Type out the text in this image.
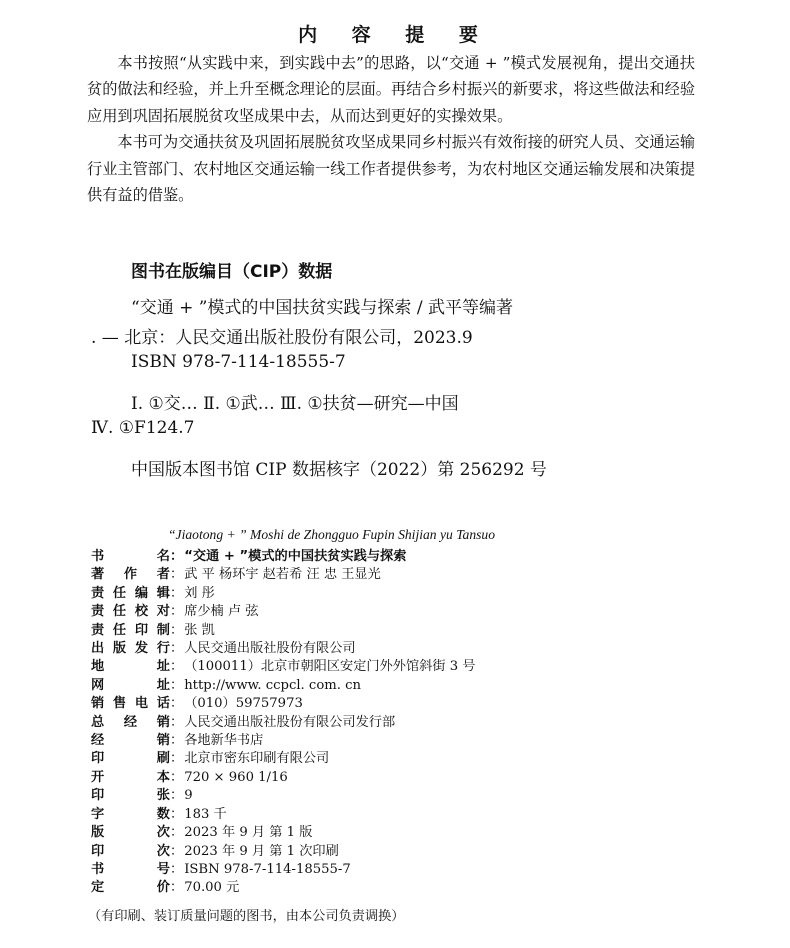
内 容 提 要

本书按照“从实践中来，到实践中去”的思路，以“交通 + ”模式发展视角，提出交通扶贫的做法和经验，并上升至概念理论的层面。再结合乡村振兴的新要求，将这些做法和经验应用到巩固拓展脱贫攻坚成果中去，从而达到更好的实操效果。

本书可为交通扶贫及巩固拓展脱贫攻坚成果同乡村振兴有效衔接的研究人员、交通运输行业主管部门、农村地区交通运输一线工作者提供参考，为农村地区交通运输发展和决策提供有益的借鉴。

图书在版编目（CIP）数据
“交通 + ”模式的中国扶贫实践与探索 / 武平等编著
. — 北京：人民交通出版社股份有限公司，2023.9
ISBN 978-7-114-18555-7
Ⅰ. ①交… Ⅱ. ①武… Ⅲ. ①扶贫—研究—中国
Ⅳ. ①F124.7
中国版本图书馆 CIP 数据核字（2022）第 256292 号
“Jiaotong + ” Moshi de Zhongguo Fupin Shijian yu Tansuo
书 名 ： “交通 + ”模式的中国扶贫实践与探索
著 作 者 ： 武 平 杨环宇 赵若希 汪 忠 王显光
责任编辑 ： 刘 彤
责任校对 ： 席少楠 卢 弦
责任印制 ： 张 凯
出版发行 ： 人民交通出版社股份有限公司
地 址 ： （100011）北京市朝阳区安定门外外馆斜街 3 号
网 址 ： http://www. ccpcl. com. cn
销售电话 ： （010）59757973
总 经 销 ： 人民交通出版社股份有限公司发行部
经 销 ： 各地新华书店
印 刷 ： 北京市密东印刷有限公司
开 本 ： 720 × 960 1/16
印 张 ： 9
字 数 ： 183 千
版 次 ： 2023 年 9 月 第 1 版
印 次 ： 2023 年 9 月 第 1 次印刷
书 号 ： ISBN 978-7-114-18555-7
定 价 ： 70.00 元
（有印刷、装订质量问题的图书，由本公司负责调换）
